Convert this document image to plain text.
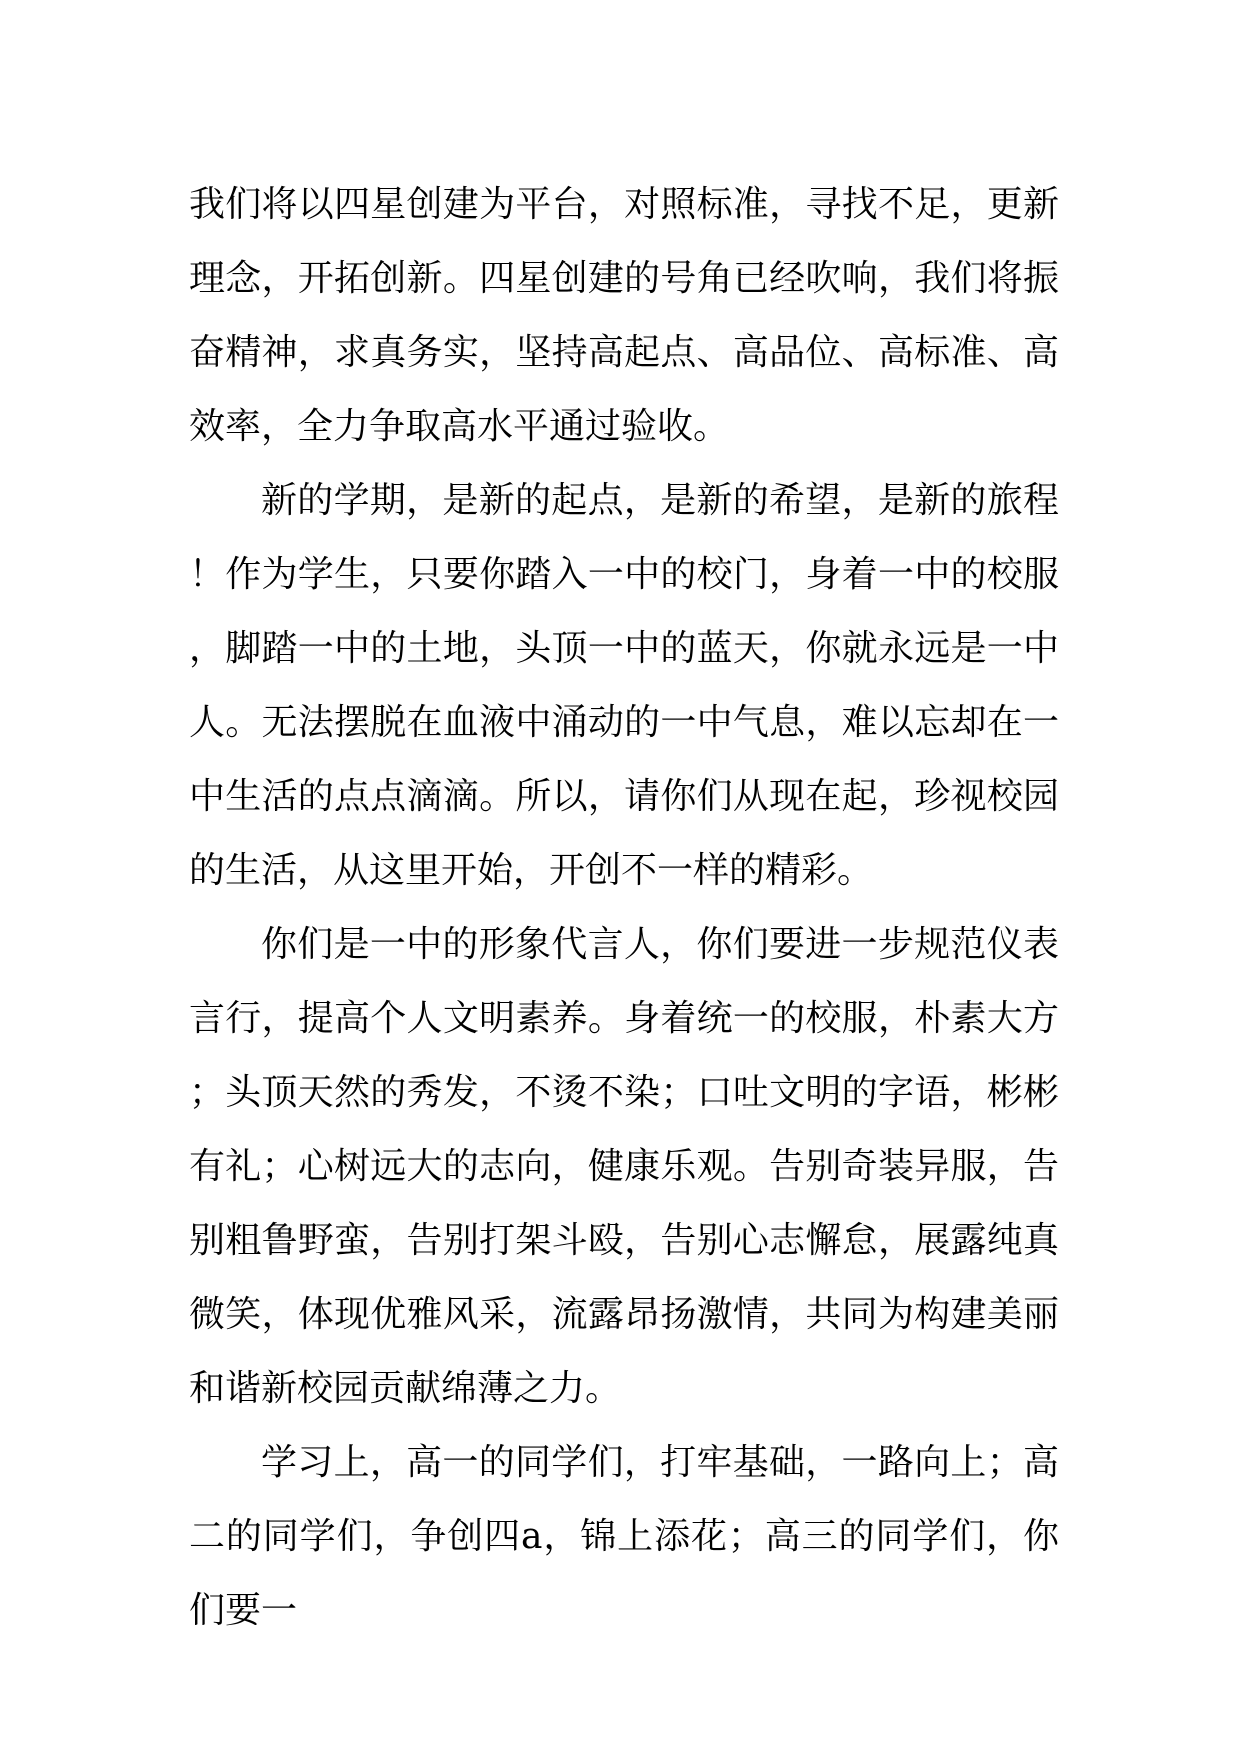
我们将以四星创建为平台，对照标准，寻找不足，更新理念，开拓创新。四星创建的号角已经吹响，我们将振奋精神，求真务实，坚持高起点、高品位、高标准、高效率，全力争取高水平通过验收。

新的学期，是新的起点，是新的希望，是新的旅程！作为学生，只要你踏入一中的校门，身着一中的校服，脚踏一中的土地，头顶一中的蓝天，你就永远是一中人。无法摆脱在血液中涌动的一中气息，难以忘却在一中生活的点点滴滴。所以，请你们从现在起，珍视校园的生活，从这里开始，开创不一样的精彩。

你们是一中的形象代言人，你们要进一步规范仪表言行，提高个人文明素养。身着统一的校服，朴素大方；头顶天然的秀发，不烫不染；口吐文明的字语，彬彬有礼；心树远大的志向，健康乐观。告别奇装异服，告别粗鲁野蛮，告别打架斗殴，告别心志懈怠，展露纯真微笑，体现优雅风采，流露昂扬激情，共同为构建美丽和谐新校园贡献绵薄之力。

学习上，高一的同学们，打牢基础，一路向上；高二的同学们，争创四a，锦上添花；高三的同学们，你们要一
